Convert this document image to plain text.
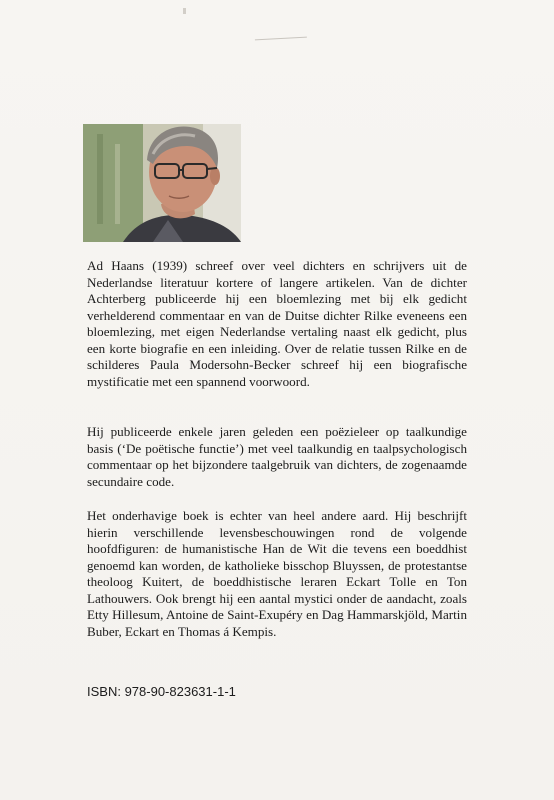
Ad Haans (1939) schreef over veel dichters en schrijvers uit de Nederlandse literatuur kortere of langere artikelen. Van de dichter Achterberg publiceerde hij een bloemlezing met bij elk gedicht verhelderend commentaar en van de Duitse dichter Rilke eveneens een bloemlezing, met eigen Nederlandse vertaling naast elk gedicht, plus een korte biografie en een inleiding. Over de relatie tussen Rilke en de schilderes Paula Modersohn-Becker schreef hij een biografische mystificatie met een spannend voorwoord.

Hij publiceerde enkele jaren geleden een poëzieleer op taalkundige basis (‘De poëtische functie’) met veel taalkundig en taalpsychologisch commentaar op het bijzondere taalgebruik van dichters, de zogenaamde secundaire code.

Het onderhavige boek is echter van heel andere aard. Hij beschrijft hierin verschillende levensbeschouwingen rond de volgende hoofdfiguren: de humanistische Han de Wit die tevens een boeddhist genoemd kan worden, de katholieke bisschop Bluyssen, de protestantse theoloog Kuitert, de boeddhistische leraren Eckart Tolle en Ton Lathouwers. Ook brengt hij een aantal mystici onder de aandacht, zoals Etty Hillesum, Antoine de Saint-Exupéry en Dag Hammarskjöld, Martin Buber, Eckart en Thomas á Kempis.

ISBN: 978-90-823631-1-1
